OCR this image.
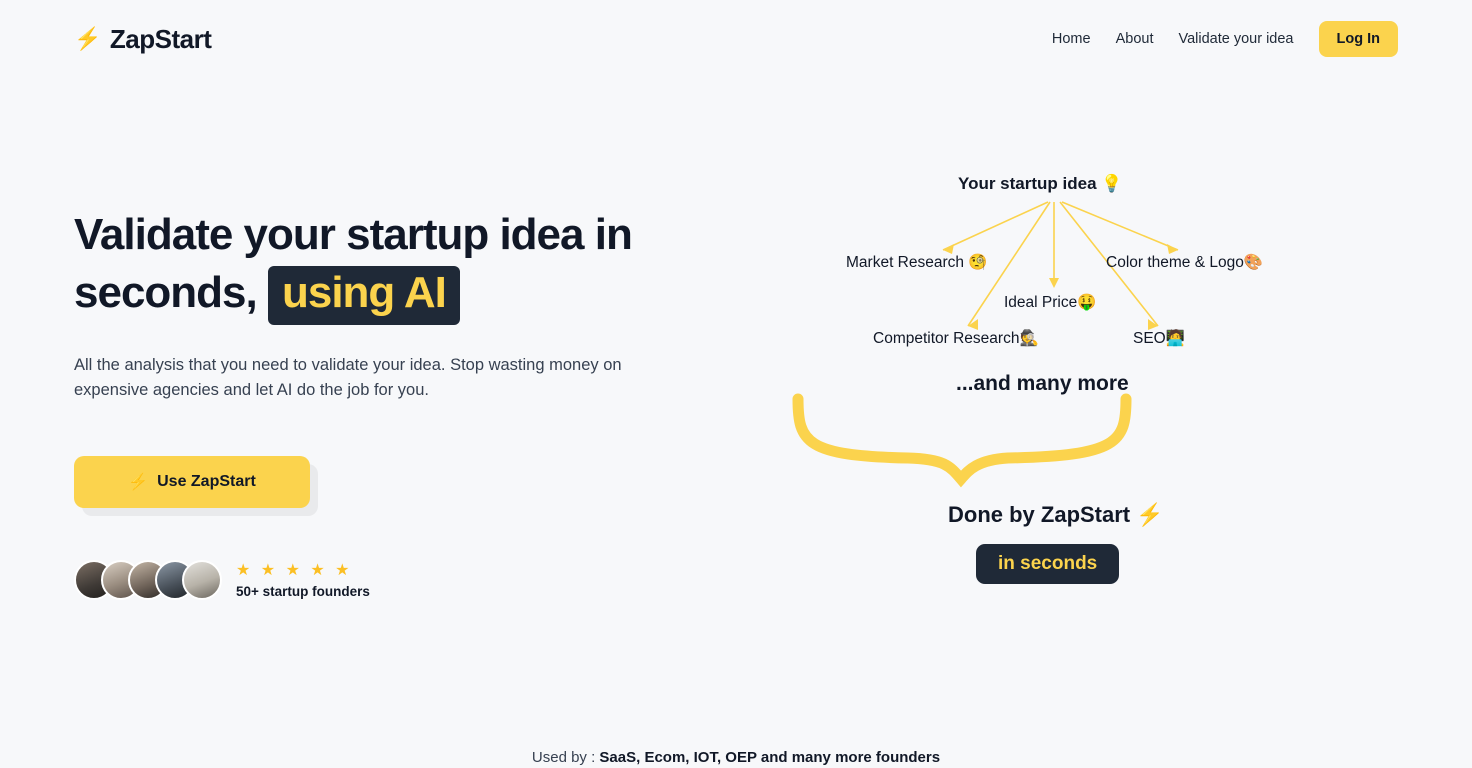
⚡ ZapStart	Home About Validate your idea	Log In
Validate your startup idea in
seconds, using AI

All the analysis that you need to validate your idea. Stop wasting money on expensive agencies and let AI do the job for you.

⚡ Use ZapStart
★ ★ ★ ★ ★
50+ startup founders
Your startup idea 💡
Market Research 🧐	Color theme & Logo🎨
Ideal Price🤑
Competitor Research🕵️	SEO🧑‍💻
...and many more
Done by ZapStart ⚡
in seconds
Used by : SaaS, Ecom, IOT, OEP and many more founders
